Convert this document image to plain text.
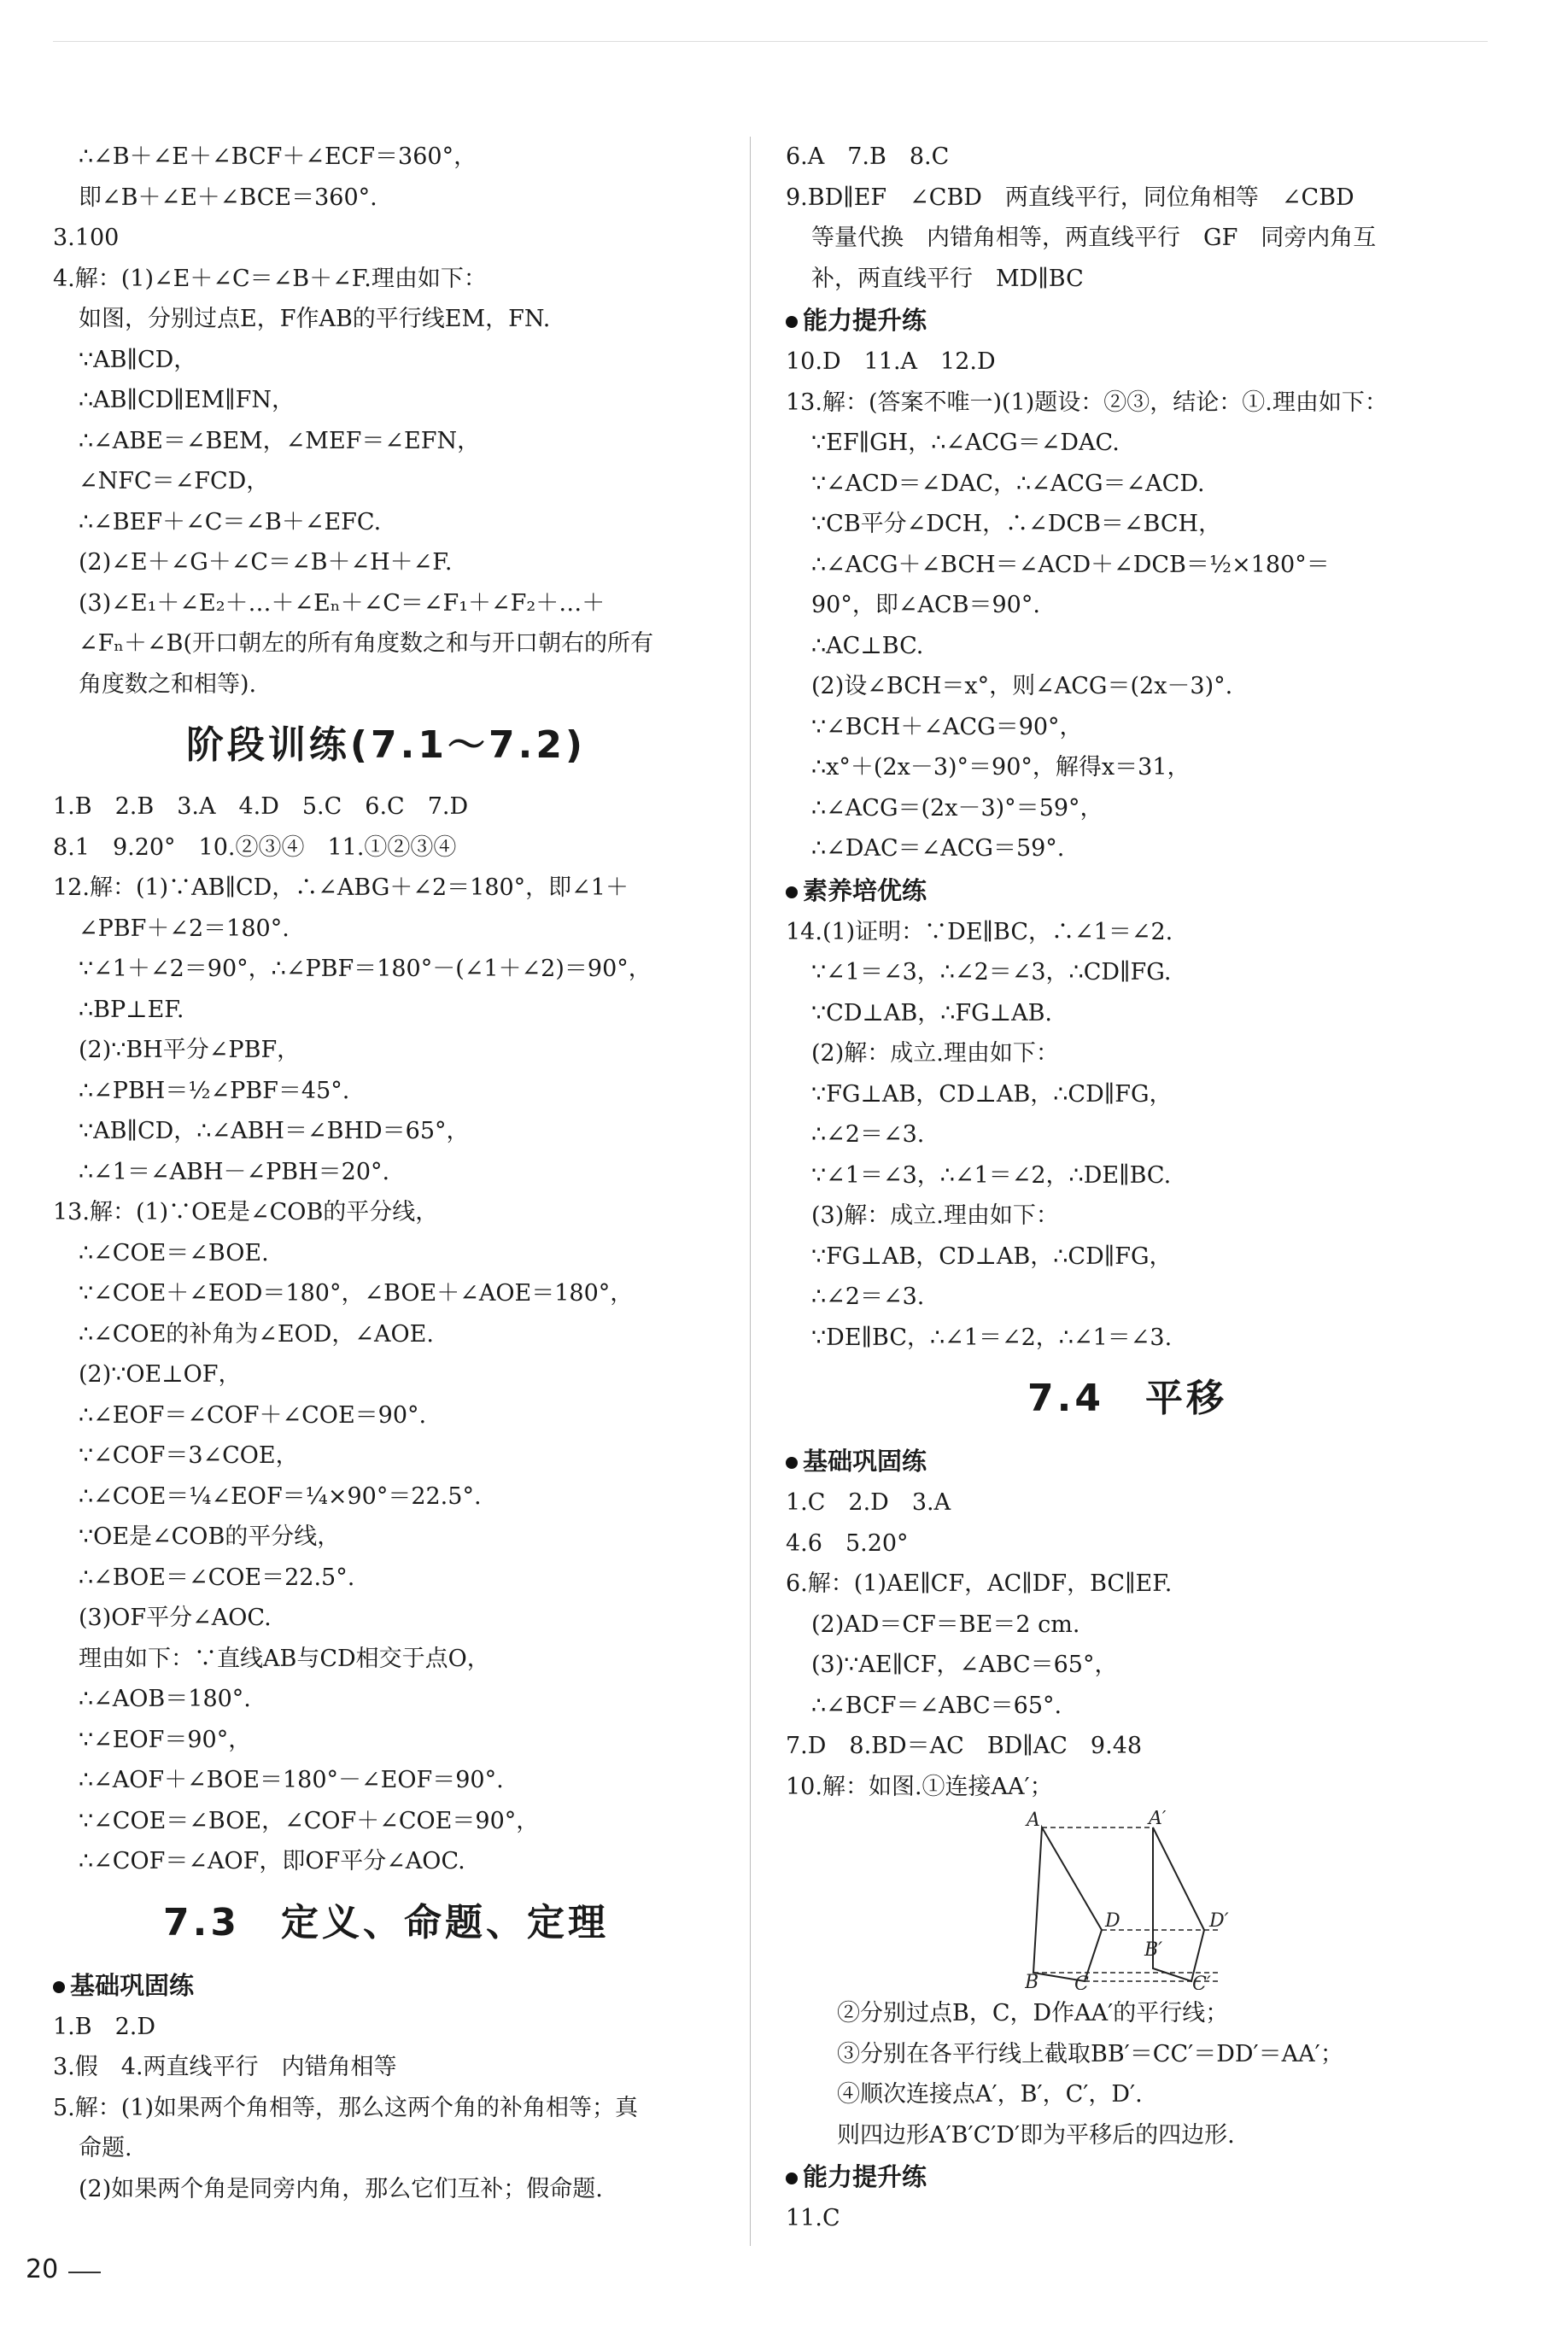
∴∠B＋∠E＋∠BCF＋∠ECF＝360°，
即∠B＋∠E＋∠BCE＝360°.
3.100
4.解：(1)∠E＋∠C＝∠B＋∠F.理由如下：
如图，分别过点E，F作AB的平行线EM，FN.
∵AB∥CD，
∴AB∥CD∥EM∥FN，
∴∠ABE＝∠BEM，∠MEF＝∠EFN，
∠NFC＝∠FCD，
∴∠BEF＋∠C＝∠B＋∠EFC.
(2)∠E＋∠G＋∠C＝∠B＋∠H＋∠F.
(3)∠E₁＋∠E₂＋…＋∠Eₙ＋∠C＝∠F₁＋∠F₂＋…＋
∠Fₙ＋∠B(开口朝左的所有角度数之和与开口朝右的所有
角度数之和相等).
阶段训练(7.1～7.2)
1.B　2.B　3.A　4.D　5.C　6.C　7.D
8.1　9.20°　10.②③④　11.①②③④
12.解：(1)∵AB∥CD，∴∠ABG＋∠2＝180°，即∠1＋
∠PBF＋∠2＝180°.
∵∠1＋∠2＝90°，∴∠PBF＝180°－(∠1＋∠2)＝90°，
∴BP⊥EF.
(2)∵BH平分∠PBF，
∴∠PBH＝½∠PBF＝45°.
∵AB∥CD，∴∠ABH＝∠BHD＝65°，
∴∠1＝∠ABH－∠PBH＝20°.
13.解：(1)∵OE是∠COB的平分线，
∴∠COE＝∠BOE.
∵∠COE＋∠EOD＝180°，∠BOE＋∠AOE＝180°，
∴∠COE的补角为∠EOD，∠AOE.
(2)∵OE⊥OF，
∴∠EOF＝∠COF＋∠COE＝90°.
∵∠COF＝3∠COE，
∴∠COE＝¼∠EOF＝¼×90°＝22.5°.
∵OE是∠COB的平分线，
∴∠BOE＝∠COE＝22.5°.
(3)OF平分∠AOC.
理由如下：∵直线AB与CD相交于点O，
∴∠AOB＝180°.
∵∠EOF＝90°，
∴∠AOF＋∠BOE＝180°－∠EOF＝90°.
∵∠COE＝∠BOE，∠COF＋∠COE＝90°，
∴∠COF＝∠AOF，即OF平分∠AOC.
7.3　定义、命题、定理
基础巩固练
1.B　2.D
3.假　4.两直线平行　内错角相等
5.解：(1)如果两个角相等，那么这两个角的补角相等；真
命题.
(2)如果两个角是同旁内角，那么它们互补；假命题.
6.A　7.B　8.C
9.BD∥EF　∠CBD　两直线平行，同位角相等　∠CBD
等量代换　内错角相等，两直线平行　GF　同旁内角互
补，两直线平行　MD∥BC
能力提升练
10.D　11.A　12.D
13.解：(答案不唯一)(1)题设：②③，结论：①.理由如下：
∵EF∥GH，∴∠ACG＝∠DAC.
∵∠ACD＝∠DAC，∴∠ACG＝∠ACD.
∵CB平分∠DCH，∴∠DCB＝∠BCH，
∴∠ACG＋∠BCH＝∠ACD＋∠DCB＝½×180°＝
90°，即∠ACB＝90°.
∴AC⊥BC.
(2)设∠BCH＝x°，则∠ACG＝(2x－3)°.
∵∠BCH＋∠ACG＝90°，
∴x°＋(2x－3)°＝90°，解得x＝31，
∴∠ACG＝(2x－3)°＝59°，
∴∠DAC＝∠ACG＝59°.
素养培优练
14.(1)证明：∵DE∥BC，∴∠1＝∠2.
∵∠1＝∠3，∴∠2＝∠3，∴CD∥FG.
∵CD⊥AB，∴FG⊥AB.
(2)解：成立.理由如下：
∵FG⊥AB，CD⊥AB，∴CD∥FG，
∴∠2＝∠3.
∵∠1＝∠3，∴∠1＝∠2，∴DE∥BC.
(3)解：成立.理由如下：
∵FG⊥AB，CD⊥AB，∴CD∥FG，
∴∠2＝∠3.
∵DE∥BC，∴∠1＝∠2，∴∠1＝∠3.
7.4　平移
基础巩固练
1.C　2.D　3.A
4.6　5.20°
6.解：(1)AE∥CF，AC∥DF，BC∥EF.
(2)AD＝CF＝BE＝2 cm.
(3)∵AE∥CF，∠ABC＝65°，
∴∠BCF＝∠ABC＝65°.
7.D　8.BD＝AC　BD∥AC　9.48
10.解：如图.①连接AA′；
A	A′
D	D′
B
B′
C	C′
②分别过点B，C，D作AA′的平行线；
③分别在各平行线上截取BB′＝CC′＝DD′＝AA′；
④顺次连接点A′，B′，C′，D′.
则四边形A′B′C′D′即为平移后的四边形.
能力提升练
11.C
20
